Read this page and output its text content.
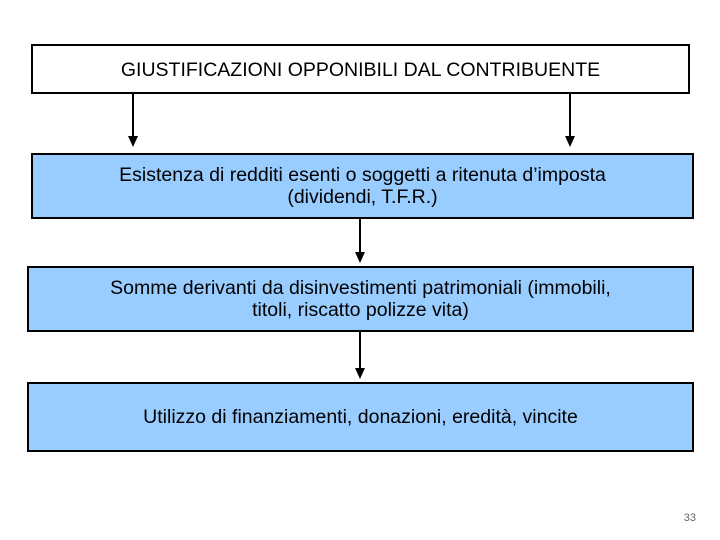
GIUSTIFICAZIONI OPPONIBILI DAL CONTRIBUENTE
Esistenza di redditi esenti o soggetti a ritenuta d’imposta
(dividendi, T.F.R.)
Somme derivanti da disinvestimenti patrimoniali (immobili,
titoli, riscatto polizze vita)
Utilizzo di finanziamenti, donazioni, eredità, vincite
33
